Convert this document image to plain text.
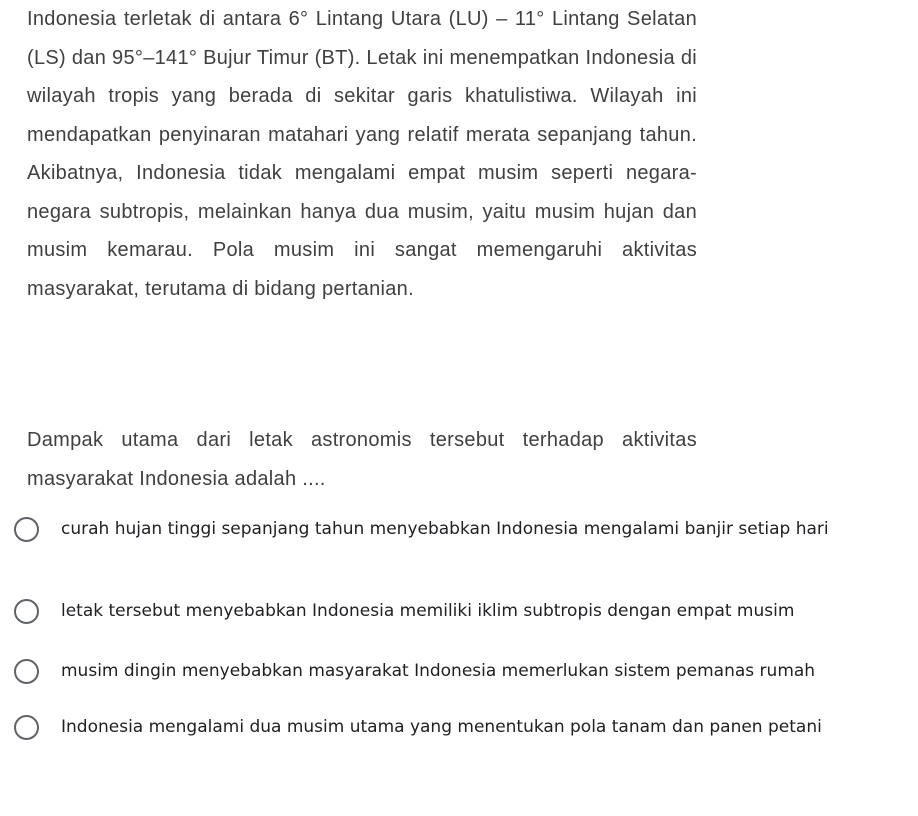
Indonesia terletak di antara 6° Lintang Utara (LU) – 11° Lintang Selatan (LS) dan 95°–141° Bujur Timur (BT). Letak ini menempatkan Indonesia di wilayah tropis yang berada di sekitar garis khatulistiwa. Wilayah ini mendapatkan penyinaran matahari yang relatif merata sepanjang tahun. Akibatnya, Indonesia tidak mengalami empat musim seperti negara-negara subtropis, melainkan hanya dua musim, yaitu musim hujan dan musim kemarau. Pola musim ini sangat memengaruhi aktivitas masyarakat, terutama di bidang pertanian.

Dampak utama dari letak astronomis tersebut terhadap aktivitas masyarakat Indonesia adalah ....
curah hujan tinggi sepanjang tahun menyebabkan Indonesia mengalami banjir setiap hari
letak tersebut menyebabkan Indonesia memiliki iklim subtropis dengan empat musim
musim dingin menyebabkan masyarakat Indonesia memerlukan sistem pemanas rumah
Indonesia mengalami dua musim utama yang menentukan pola tanam dan panen petani
